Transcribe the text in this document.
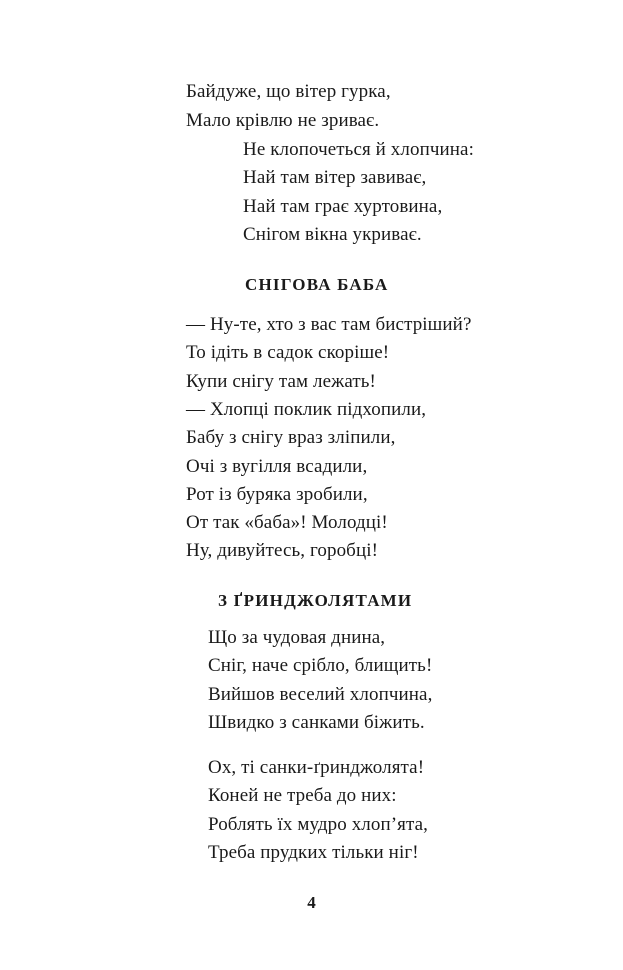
Байдуже, що вітер гурка,
Мало крівлю не зриває.
Не клопочеться й хлопчина:
Най там вітер завиває,
Най там грає хуртовина,
Снігом вікна укриває.
СНІГОВА БАБА
— Ну-те, хто з вас там бистріший?
То ідіть в садок скоріше!
Купи снігу там лежать!
— Хлопці поклик підхопили,
Бабу з снігу враз зліпили,
Очі з вугілля всадили,
Рот із буряка зробили,
От так «баба»! Молодці!
Ну, дивуйтесь, горобці!
З ҐРИНДЖОЛЯТАМИ
Що за чудовая днина,
Сніг, наче срібло, блищить!
Вийшов веселий хлопчина,
Швидко з санками біжить.
Ох, ті санки-ґринджолята!
Коней не треба до них:
Роблять їх мудро хлоп’ята,
Треба прудких тільки ніг!
4
